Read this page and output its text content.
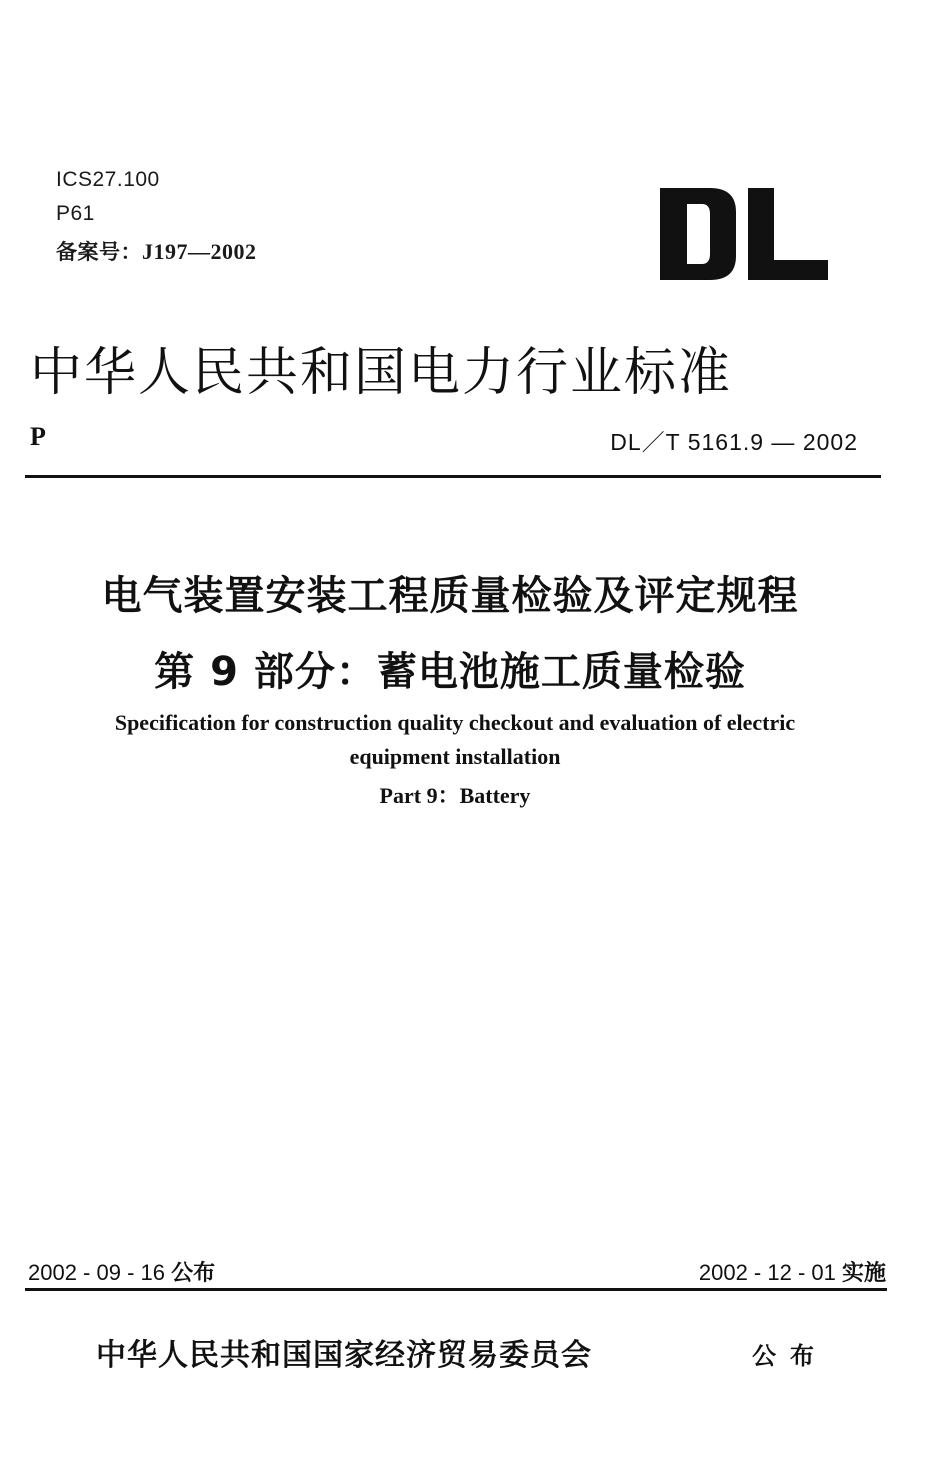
ICS27.100
P61
备案号：J197—2002
中华人民共和国电力行业标准
P	DL／T 5161.9 — 2002
电气装置安装工程质量检验及评定规程
第 9 部分：蓄电池施工质量检验
Specification for construction quality checkout and evaluation of electric
equipment installation
Part 9：Battery
2002 - 09 - 16 公布	2002 - 12 - 01 实施
中华人民共和国国家经济贸易委员会	公布
